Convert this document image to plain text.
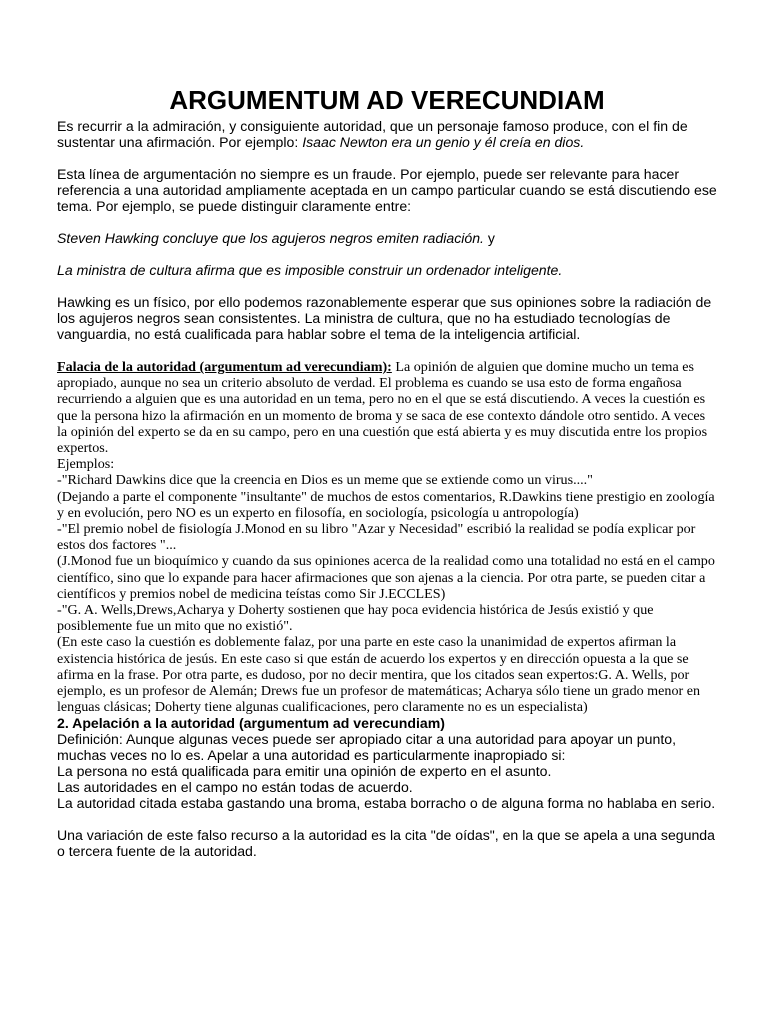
ARGUMENTUM AD VERECUNDIAM

Es recurrir a la admiración, y consiguiente autoridad, que un personaje famoso produce, con el fin de sustentar una afirmación. Por ejemplo: Isaac Newton era un genio y él creía en dios.

Esta línea de argumentación no siempre es un fraude. Por ejemplo, puede ser relevante para hacer referencia a una autoridad ampliamente aceptada en un campo particular cuando se está discutiendo ese tema. Por ejemplo, se puede distinguir claramente entre:

Steven Hawking concluye que los agujeros negros emiten radiación. y

La ministra de cultura afirma que es imposible construir un ordenador inteligente.

Hawking es un físico, por ello podemos razonablemente esperar que sus opiniones sobre la radiación de los agujeros negros sean consistentes. La ministra de cultura, que no ha estudiado tecnologías de vanguardia, no está cualificada para hablar sobre el tema de la inteligencia artificial.

Falacia de la autoridad (argumentum ad verecundiam): La opinión de alguien que domine mucho un tema es apropiado, aunque no sea un criterio absoluto de verdad. El problema es cuando se usa esto de forma engañosa recurriendo a alguien que es una autoridad en un tema, pero no en el que se está discutiendo. A veces la cuestión es que la persona hizo la afirmación en un momento de broma y se saca de ese contexto dándole otro sentido. A veces la opinión del experto se da en su campo, pero en una cuestión que está abierta y es muy discutida entre los propios expertos.

Ejemplos:

-"Richard Dawkins dice que la creencia en Dios es un meme que se extiende como un virus...."

(Dejando a parte el componente "insultante" de muchos de estos comentarios, R.Dawkins tiene prestigio en zoología y en evolución, pero NO es un experto en filosofía, en sociología, psicología u antropología)

-"El premio nobel de fisiología J.Monod en su libro "Azar y Necesidad" escribió la realidad se podía explicar por estos dos factores "...

(J.Monod fue un bioquímico y cuando da sus opiniones acerca de la realidad como una totalidad no está en el campo científico, sino que lo expande para hacer afirmaciones que son ajenas a la ciencia. Por otra parte, se pueden citar a científicos y premios nobel de medicina teístas como Sir J.ECCLES)

-"G. A. Wells,Drews,Acharya y Doherty sostienen que hay poca evidencia histórica de Jesús existió y que posiblemente fue un mito que no existió".

(En este caso la cuestión es doblemente falaz, por una parte en este caso la unanimidad de expertos afirman la existencia histórica de jesús. En este caso si que están de acuerdo los expertos y en dirección opuesta a la que se afirma en la frase. Por otra parte, es dudoso, por no decir mentira, que los citados sean expertos:G. A. Wells, por ejemplo, es un profesor de Alemán; Drews fue un profesor de matemáticas; Acharya sólo tiene un grado menor en lenguas clásicas; Doherty tiene algunas cualificaciones, pero claramente no es un especialista)

2. Apelación a la autoridad (argumentum ad verecundiam)

Definición: Aunque algunas veces puede ser apropiado citar a una autoridad para apoyar un punto, muchas veces no lo es. Apelar a una autoridad es particularmente inapropiado si:

La persona no está qualificada para emitir una opinión de experto en el asunto.

Las autoridades en el campo no están todas de acuerdo.

La autoridad citada estaba gastando una broma, estaba borracho o de alguna forma no hablaba en serio.

Una variación de este falso recurso a la autoridad es la cita "de oídas", en la que se apela a una segunda o tercera fuente de la autoridad.
